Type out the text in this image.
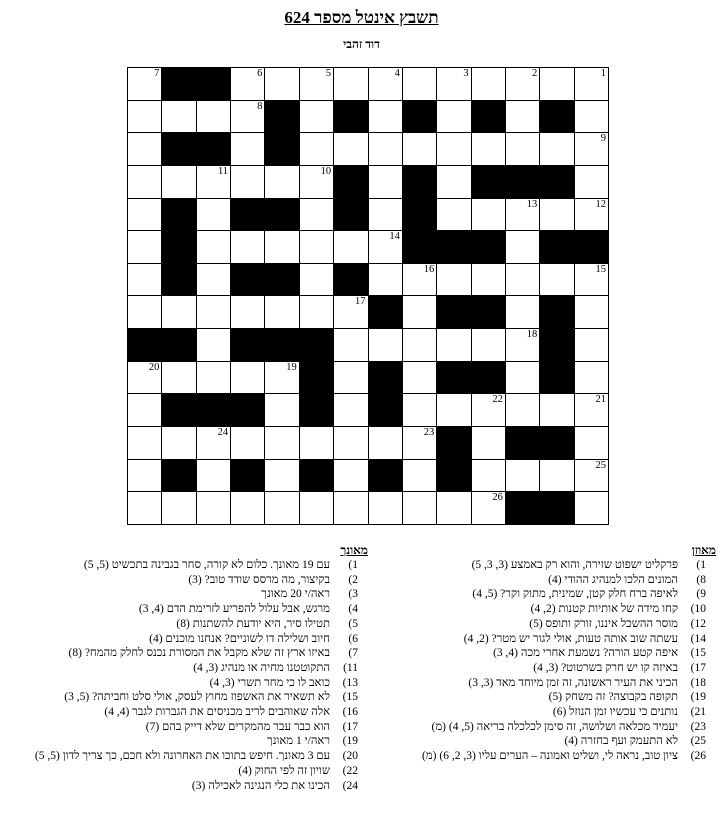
תשבץ אינטל מספר 624
דוד זהבי
7	6	5	4	3	2	1
8
9
11	10
13	12
14
16	15
17
18
20	19
22	21
24	23
25
26
מאוזן
1)
פרקליט ישפוט שזירה, והוא רק באמצע (3, 3, 5)
8)
המונים הלכו למנהיג ההודי (4)
9)
לאיפה ברח חלק קטן, שמינית, מתוק וקר? (5, 4)
10)
קחו מידה של אותיות קטנות (2, 4)
12)
מוסר ההשכל איננו, זורק ותופס (5)
14)
עשתה שוב אותה טעות, אולי לגור יש מטר? (2, 4)
15)
איפה קטע הורה? נשמעת אחרי מכה (4, 3)
17)
באיזה קו יש חרק בשרטוט? (3, 4)
18)
הכיני את העיר ראשונה, זה זמן מיוחד מאד (3, 3)
19)
תקופה בקבוצה? זה משחק (5)
21)
נותנים כי עכשיו זמן הנוזל (6)
23)
יעמיד מכלאה ושלושה, זה סימן לכלכלה בריאה (5, 4) (מ)
25)
לא התעמק ועף בחזרה (4)
26)
ציון טוב, נראה לי, ושליט ואמונה – הערים עליו (3, 2, 6) (מ)
מאונך
1)
עם 19 מאונך. כלום לא קורה, סחר בגבינה בתכשיט (5, 5)
2)
בקיצור, מה מרסס שודד טוב? (3)
3)
ראה/י 20 מאונך
4)
מרגש, אבל עלול להפריע לזרימת הדם (4, 3)
5)
תטילו סיר, היא יודעת להשתנות (8)
6)
חיוב ושלילה דו לשוניים? אנחנו מוכנים (4)
7)
באיזו ארץ זה שלא מקבל את המסורת נכנס לחלק מהמח? (8)
11)
התקוטטנו מחיה או מנהיג (3, 4)
13)
כואב לו כי מחר תשרי (3, 4)
15)
לא תשאיר את האשפוז מחוץ לעסק, אולי סלט וחביתה? (5, 3)
16)
אלה שאוהבים לריב מכניסים את הגברות לגבר (4, 4)
17)
הוא כבר עבר מהמקרים שלא דייק בהם (7)
19)
ראה/י 1 מאונך
20)
עם 3 מאונך. חיפש בתוכו את האחרונה ולא חכם, כך צריך לדון (5, 5)
22)
שויון זה לפי החוק (4)
24)
הכינו את כלי הנגינה לאכילה (3)
